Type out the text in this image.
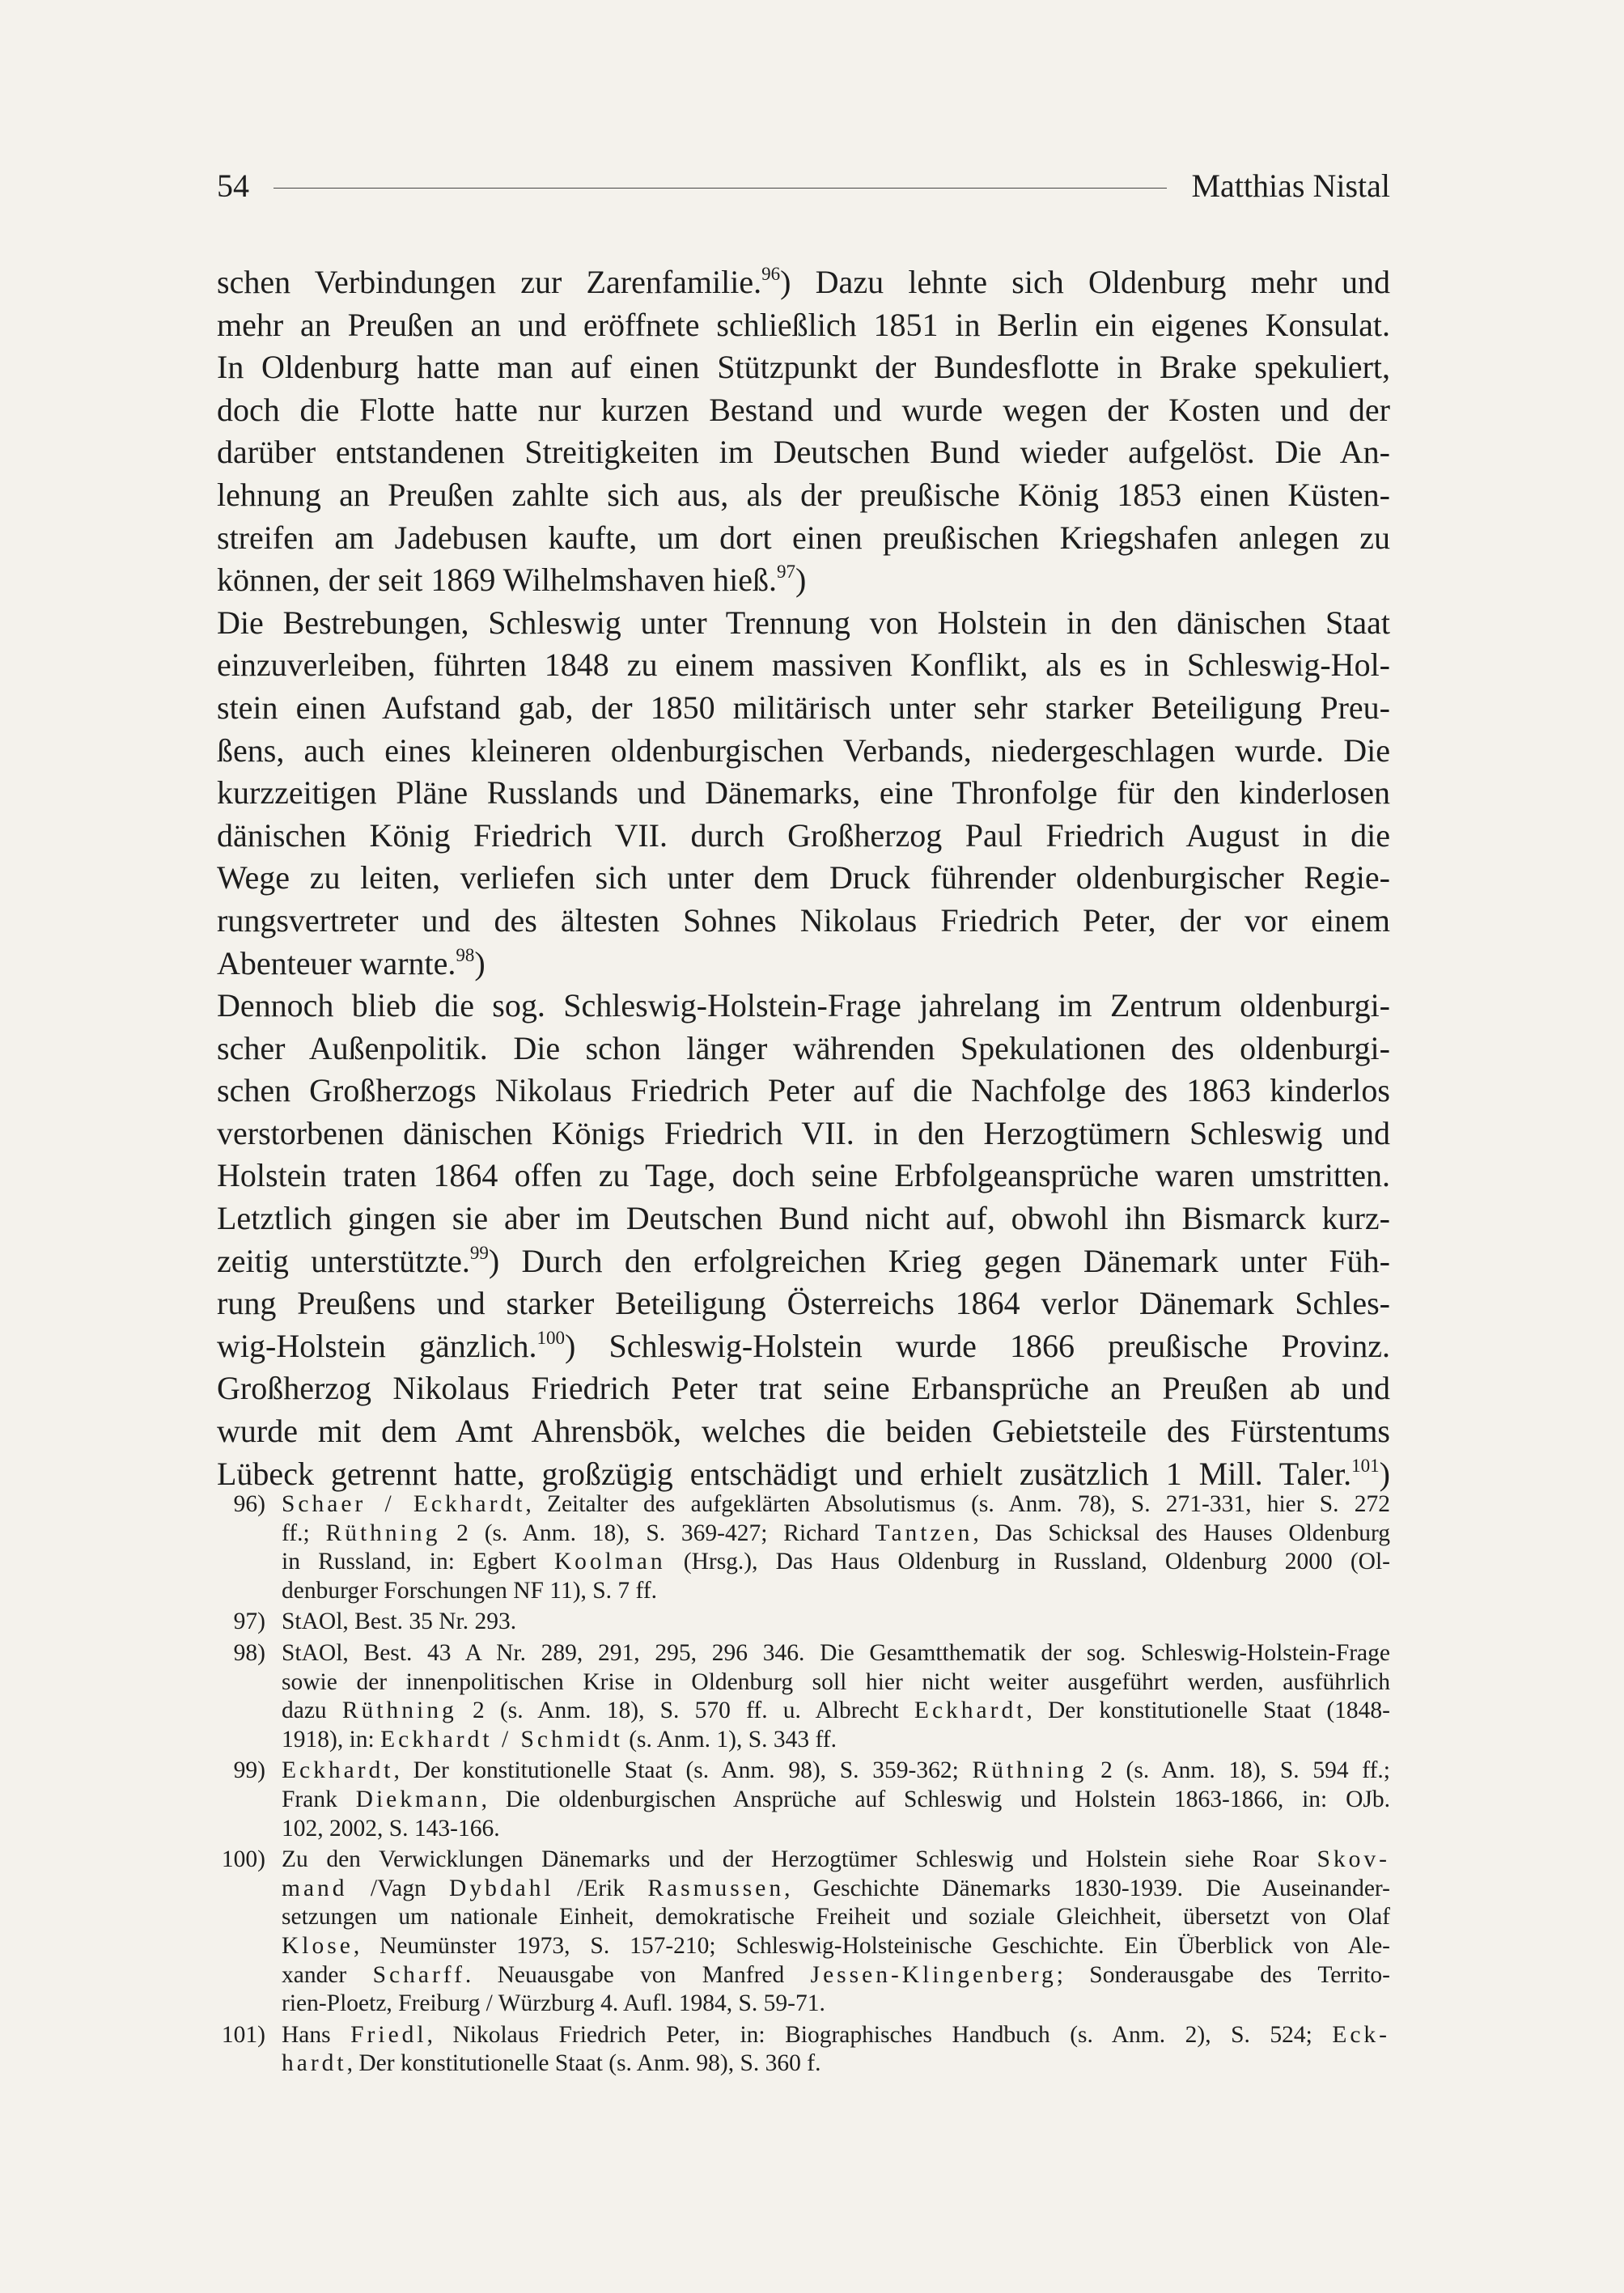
54	Matthias Nistal
schen Verbindungen zur Zarenfamilie.$^{96}$) Dazu lehnte sich Oldenburg mehr und
mehr an Preußen an und eröffnete schließlich 1851 in Berlin ein eigenes Konsulat.
In Oldenburg hatte man auf einen Stützpunkt der Bundesflotte in Brake spekuliert,
doch die Flotte hatte nur kurzen Bestand und wurde wegen der Kosten und der
darüber entstandenen Streitigkeiten im Deutschen Bund wieder aufgelöst. Die An-
lehnung an Preußen zahlte sich aus, als der preußische König 1853 einen Küsten-
streifen am Jadebusen kaufte, um dort einen preußischen Kriegshafen anlegen zu
können, der seit 1869 Wilhelmshaven hieß.$^{97}$)
Die Bestrebungen, Schleswig unter Trennung von Holstein in den dänischen Staat
einzuverleiben, führten 1848 zu einem massiven Konflikt, als es in Schleswig-Hol-
stein einen Aufstand gab, der 1850 militärisch unter sehr starker Beteiligung Preu-
ßens, auch eines kleineren oldenburgischen Verbands, niedergeschlagen wurde. Die
kurzzeitigen Pläne Russlands und Dänemarks, eine Thronfolge für den kinderlosen
dänischen König Friedrich VII. durch Großherzog Paul Friedrich August in die
Wege zu leiten, verliefen sich unter dem Druck führender oldenburgischer Regie-
rungsvertreter und des ältesten Sohnes Nikolaus Friedrich Peter, der vor einem
Abenteuer warnte.$^{98}$)
Dennoch blieb die sog. Schleswig-Holstein-Frage jahrelang im Zentrum oldenburgi-
scher Außenpolitik. Die schon länger währenden Spekulationen des oldenburgi-
schen Großherzogs Nikolaus Friedrich Peter auf die Nachfolge des 1863 kinderlos
verstorbenen dänischen Königs Friedrich VII. in den Herzogtümern Schleswig und
Holstein traten 1864 offen zu Tage, doch seine Erbfolgeansprüche waren umstritten.
Letztlich gingen sie aber im Deutschen Bund nicht auf, obwohl ihn Bismarck kurz-
zeitig unterstützte.$^{99}$) Durch den erfolgreichen Krieg gegen Dänemark unter Füh-
rung Preußens und starker Beteiligung Österreichs 1864 verlor Dänemark Schles-
wig-Holstein gänzlich.$^{100}$) Schleswig-Holstein wurde 1866 preußische Provinz.
Großherzog Nikolaus Friedrich Peter trat seine Erbansprüche an Preußen ab und
wurde mit dem Amt Ahrensbök, welches die beiden Gebietsteile des Fürstentums
Lübeck getrennt hatte, großzügig entschädigt und erhielt zusätzlich 1 Mill. Taler.$^{101}$)
96) Schaer / Eckhardt, Zeitalter des aufgeklärten Absolutismus (s. Anm. 78), S. 271-331, hier S. 272
ff.; Rüthning 2 (s. Anm. 18), S. 369-427; Richard Tantzen, Das Schicksal des Hauses Oldenburg
in Russland, in: Egbert Koolman (Hrsg.), Das Haus Oldenburg in Russland, Oldenburg 2000 (Ol-
denburger Forschungen NF 11), S. 7 ff.
97) StAOl, Best. 35 Nr. 293.
98) StAOl, Best. 43 A Nr. 289, 291, 295, 296 346. Die Gesamtthematik der sog. Schleswig-Holstein-Frage
sowie der innenpolitischen Krise in Oldenburg soll hier nicht weiter ausgeführt werden, ausführlich
dazu Rüthning 2 (s. Anm. 18), S. 570 ff. u. Albrecht Eckhardt, Der konstitutionelle Staat (1848-
1918), in: Eckhardt / Schmidt (s. Anm. 1), S. 343 ff.
99) Eckhardt, Der konstitutionelle Staat (s. Anm. 98), S. 359-362; Rüthning 2 (s. Anm. 18), S. 594 ff.;
Frank Diekmann, Die oldenburgischen Ansprüche auf Schleswig und Holstein 1863-1866, in: OJb.
102, 2002, S. 143-166.
100) Zu den Verwicklungen Dänemarks und der Herzogtümer Schleswig und Holstein siehe Roar Skov-
mand /Vagn Dybdahl /Erik Rasmussen, Geschichte Dänemarks 1830-1939. Die Auseinander-
setzungen um nationale Einheit, demokratische Freiheit und soziale Gleichheit, übersetzt von Olaf
Klose, Neumünster 1973, S. 157-210; Schleswig-Holsteinische Geschichte. Ein Überblick von Ale-
xander Scharff. Neuausgabe von Manfred Jessen-Klingenberg; Sonderausgabe des Territo-
rien-Ploetz, Freiburg / Würzburg 4. Aufl. 1984, S. 59-71.
101) Hans Friedl, Nikolaus Friedrich Peter, in: Biographisches Handbuch (s. Anm. 2), S. 524; Eck-
hardt, Der konstitutionelle Staat (s. Anm. 98), S. 360 f.
